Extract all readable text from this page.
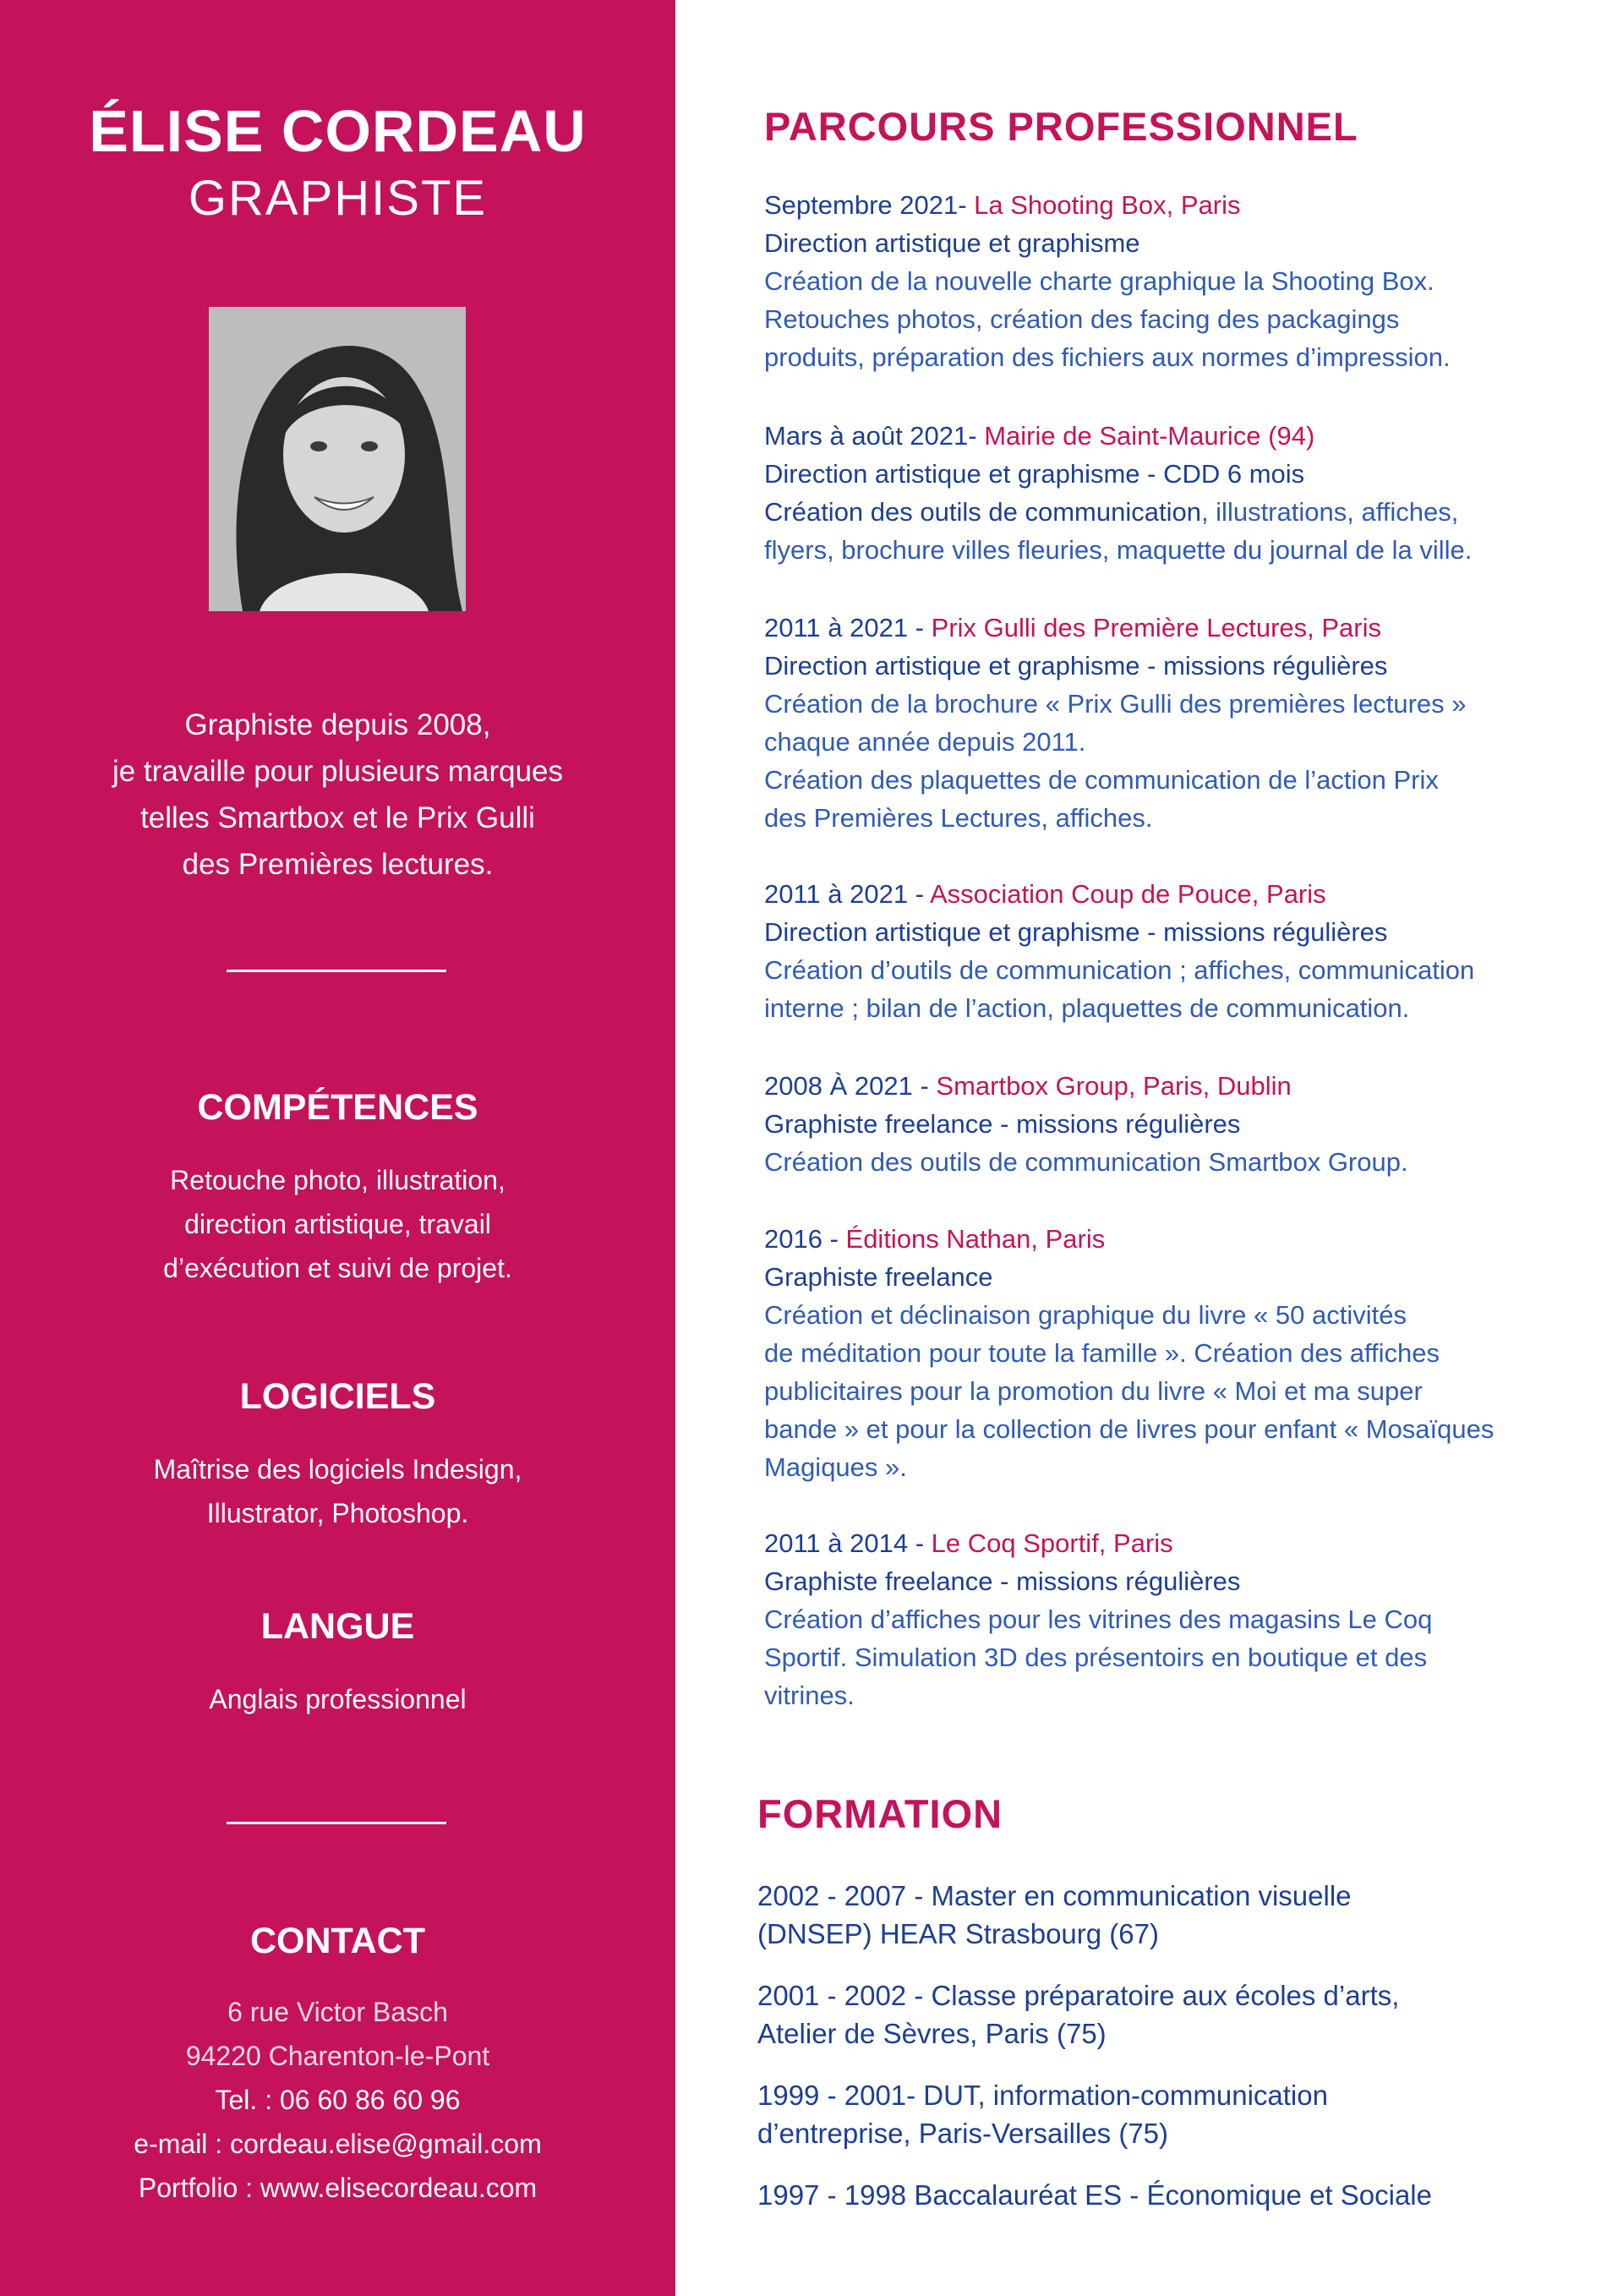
ÉLISE CORDEAU
GRAPHISTE
Graphiste depuis 2008,
je travaille pour plusieurs marques
telles Smartbox et le Prix Gulli
des Premières lectures.
COMPÉTENCES
Retouche photo, illustration,
direction artistique, travail
d’exécution et suivi de projet.
LOGICIELS
Maîtrise des logiciels Indesign,
Illustrator, Photoshop.
LANGUE
Anglais professionnel
CONTACT
6 rue Victor Basch
94220 Charenton-le-Pont
Tel. : 06 60 86 60 96
e-mail : cordeau.elise@gmail.com
Portfolio : www.elisecordeau.com
PARCOURS PROFESSIONNEL
Septembre 2021- La Shooting Box, Paris
Direction artistique et graphisme
Création de la nouvelle charte graphique la Shooting Box.
Retouches photos, création des facing des packagings
produits, préparation des fichiers aux normes d’impression.
Mars à août 2021- Mairie de Saint-Maurice (94)
Direction artistique et graphisme - CDD 6 mois
Création des outils de communication, illustrations, affiches,
flyers, brochure villes fleuries, maquette du journal de la ville.
2011 à 2021 - Prix Gulli des Première Lectures, Paris
Direction artistique et graphisme - missions régulières
Création de la brochure « Prix Gulli des premières lectures »
chaque année depuis 2011.
Création des plaquettes de communication de l’action Prix
des Premières Lectures, affiches.
2011 à 2021 - Association Coup de Pouce, Paris
Direction artistique et graphisme - missions régulières
Création d’outils de communication ; affiches, communication
interne ; bilan de l’action, plaquettes de communication.
2008 À 2021 - Smartbox Group, Paris, Dublin
Graphiste freelance - missions régulières
Création des outils de communication Smartbox Group.
2016 - Éditions Nathan, Paris
Graphiste freelance
Création et déclinaison graphique du livre « 50 activités
de méditation pour toute la famille ». Création des affiches
publicitaires pour la promotion du livre « Moi et ma super
bande » et pour la collection de livres pour enfant « Mosaïques
Magiques ».
2011 à 2014 - Le Coq Sportif, Paris
Graphiste freelance - missions régulières
Création d’affiches pour les vitrines des magasins Le Coq
Sportif. Simulation 3D des présentoirs en boutique et des
vitrines.
FORMATION
2002 - 2007 - Master en communication visuelle
(DNSEP) HEAR Strasbourg (67)
2001 - 2002 - Classe préparatoire aux écoles d’arts,
Atelier de Sèvres, Paris (75)
1999 - 2001- DUT, information-communication
d’entreprise, Paris-Versailles (75)
1997 - 1998 Baccalauréat ES - Économique et Sociale
